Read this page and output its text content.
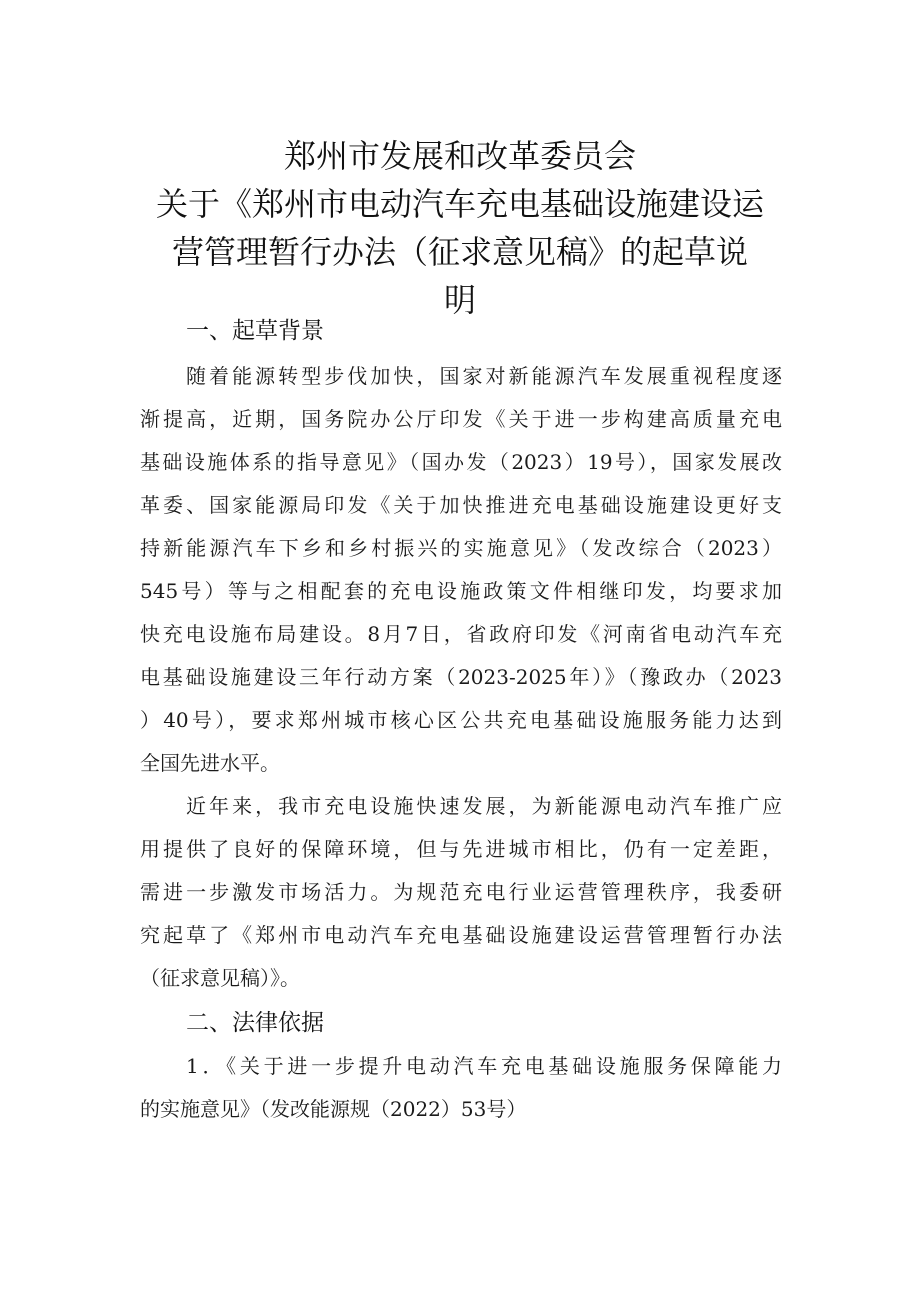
郑州市发展和改革委员会
关于《郑州市电动汽车充电基础设施建设运
营管理暂行办法（征求意见稿》的起草说
明
一、起草背景
随着能源转型步伐加快，国家对新能源汽车发展重视程度逐
渐提高，近期，国务院办公厅印发《关于进一步构建高质量充电
基础设施体系的指导意见》（国办发（2023）19号），国家发展改
革委、国家能源局印发《关于加快推进充电基础设施建设更好支
持新能源汽车下乡和乡村振兴的实施意见》（发改综合（2023）
545号）等与之相配套的充电设施政策文件相继印发，均要求加
快充电设施布局建设。8月7日，省政府印发《河南省电动汽车充
电基础设施建设三年行动方案（2023-2025年）》（豫政办（2023
）40号），要求郑州城市核心区公共充电基础设施服务能力达到
全国先进水平。
近年来，我市充电设施快速发展，为新能源电动汽车推广应
用提供了良好的保障环境，但与先进城市相比，仍有一定差距，
需进一步激发市场活力。为规范充电行业运营管理秩序，我委研
究起草了《郑州市电动汽车充电基础设施建设运营管理暂行办法
（征求意见稿）》。
二、法律依据
1．《关于进一步提升电动汽车充电基础设施服务保障能力
的实施意见》（发改能源规（2022）53号）
